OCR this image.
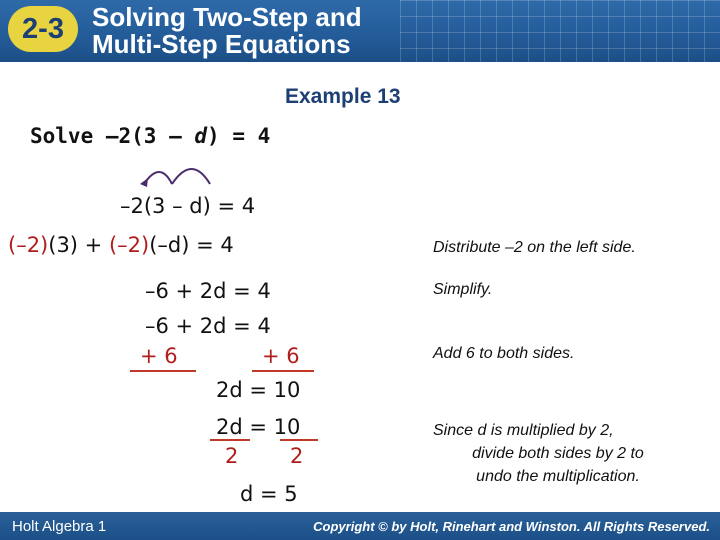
2-3	Solving Two-Step and
Multi-Step Equations
Example 13
Solve –2(3 – d) = 4
–2(3 – d) = 4
(–2)(3) + (–2)(–d) = 4
–6 + 2d = 4
–6 + 2d = 4
+ 6	+ 6
2d = 10
2d = 10
2 2
d = 5
Distribute –2 on the left side.
Simplify.
Add 6 to both sides.
Since d is multiplied by 2,
divide both sides by 2 to
undo the multiplication.
Holt Algebra 1	Copyright © by Holt, Rinehart and Winston. All Rights Reserved.
